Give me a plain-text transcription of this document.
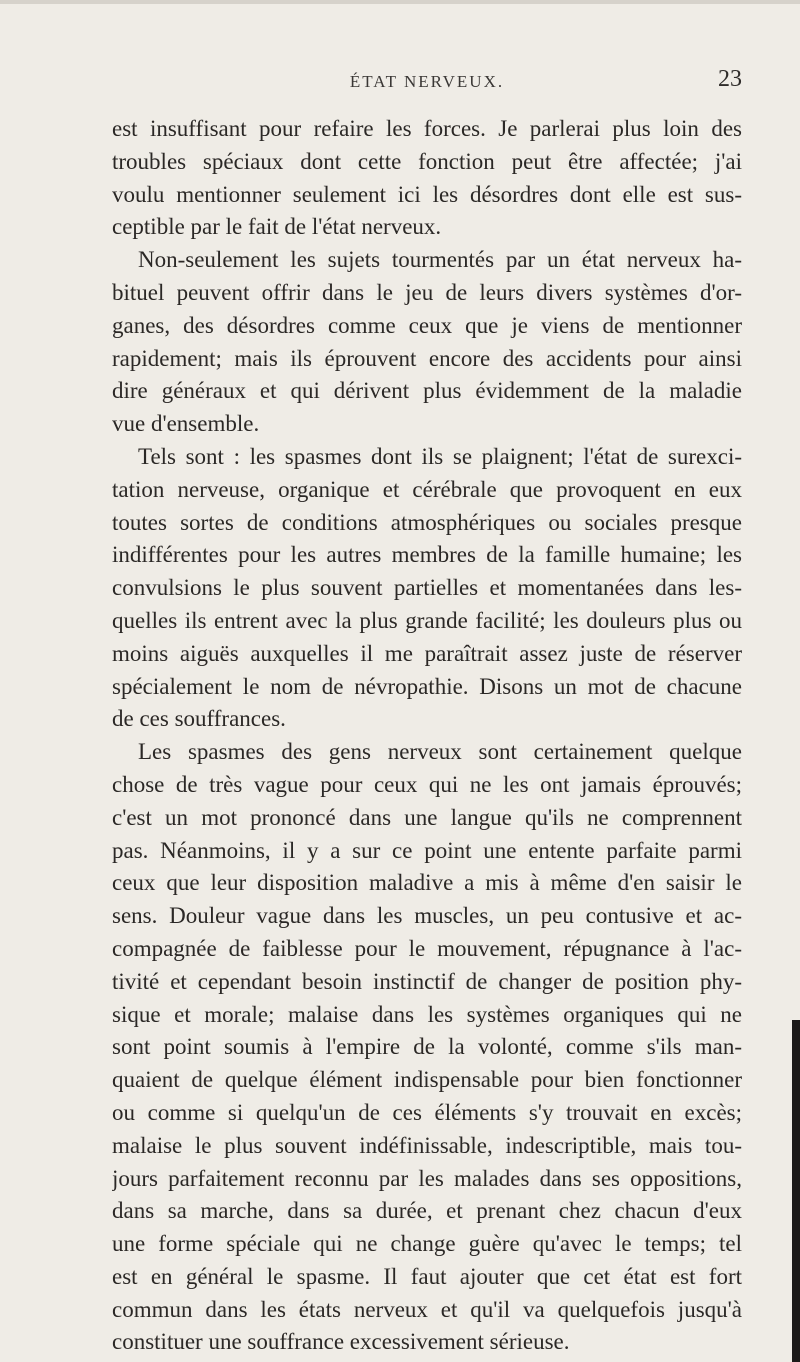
ÉTAT NERVEUX.	23
est insuffisant pour refaire les forces. Je parlerai plus loin des
troubles spéciaux dont cette fonction peut être affectée; j'ai
voulu mentionner seulement ici les désordres dont elle est sus-
ceptible par le fait de l'état nerveux.
Non-seulement les sujets tourmentés par un état nerveux ha-
bituel peuvent offrir dans le jeu de leurs divers systèmes d'or-
ganes, des désordres comme ceux que je viens de mentionner
rapidement; mais ils éprouvent encore des accidents pour ainsi
dire généraux et qui dérivent plus évidemment de la maladie
vue d'ensemble.
Tels sont : les spasmes dont ils se plaignent; l'état de surexci-
tation nerveuse, organique et cérébrale que provoquent en eux
toutes sortes de conditions atmosphériques ou sociales presque
indifférentes pour les autres membres de la famille humaine; les
convulsions le plus souvent partielles et momentanées dans les-
quelles ils entrent avec la plus grande facilité; les douleurs plus ou
moins aiguës auxquelles il me paraîtrait assez juste de réserver
spécialement le nom de névropathie. Disons un mot de chacune
de ces souffrances.
Les spasmes des gens nerveux sont certainement quelque
chose de très vague pour ceux qui ne les ont jamais éprouvés;
c'est un mot prononcé dans une langue qu'ils ne comprennent
pas. Néanmoins, il y a sur ce point une entente parfaite parmi
ceux que leur disposition maladive a mis à même d'en saisir le
sens. Douleur vague dans les muscles, un peu contusive et ac-
compagnée de faiblesse pour le mouvement, répugnance à l'ac-
tivité et cependant besoin instinctif de changer de position phy-
sique et morale; malaise dans les systèmes organiques qui ne
sont point soumis à l'empire de la volonté, comme s'ils man-
quaient de quelque élément indispensable pour bien fonctionner
ou comme si quelqu'un de ces éléments s'y trouvait en excès;
malaise le plus souvent indéfinissable, indescriptible, mais tou-
jours parfaitement reconnu par les malades dans ses oppositions,
dans sa marche, dans sa durée, et prenant chez chacun d'eux
une forme spéciale qui ne change guère qu'avec le temps; tel
est en général le spasme. Il faut ajouter que cet état est fort
commun dans les états nerveux et qu'il va quelquefois jusqu'à
constituer une souffrance excessivement sérieuse.
